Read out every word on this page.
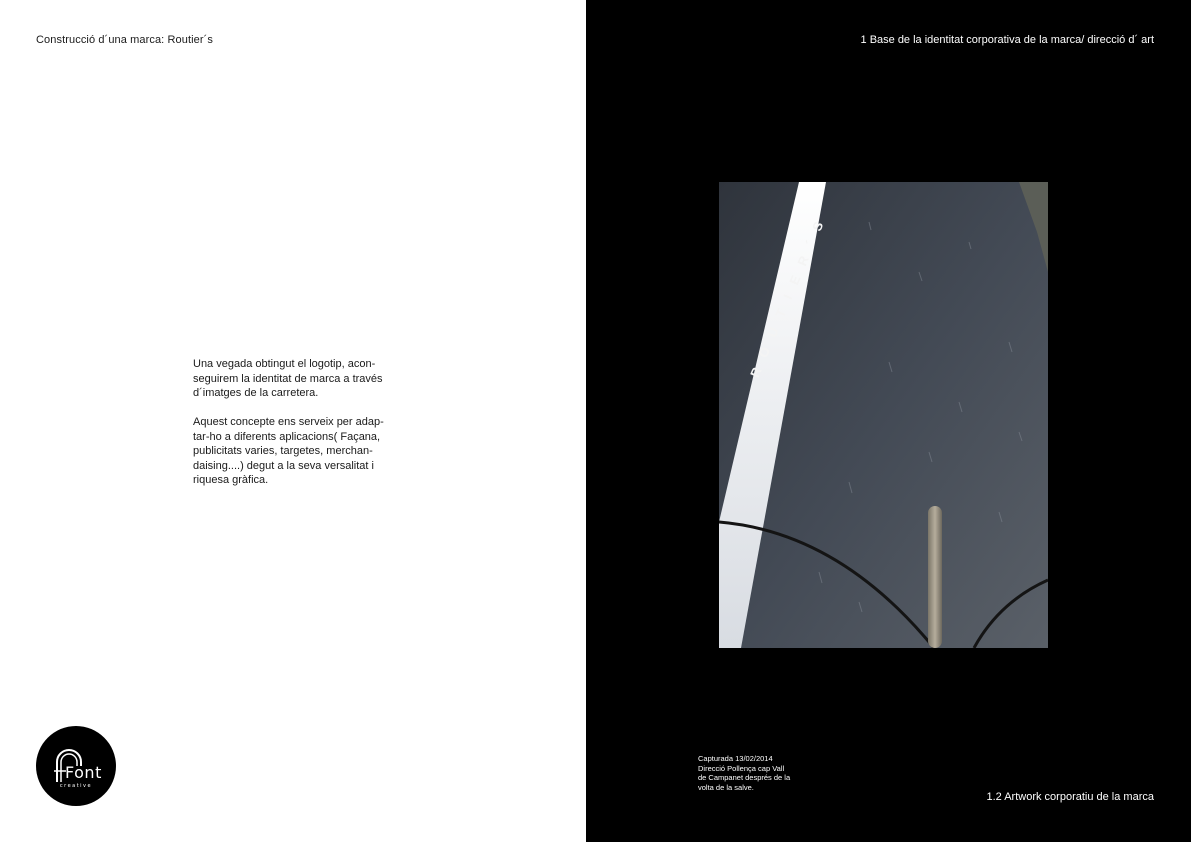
Construcció d´una marca: Routier´s

Una vegada obtingut el logotip, acon-
seguirem la identitat de marca a través
d´imatges de la carretera.

Aquest concepte ens serveix per adap-
tar-ho a diferents aplicacions( Façana,
publicitats varies, targetes, merchan-
daising....) degut a la seva versalitat i
riquesa gràfica.

Font
creative
1 Base de la identitat corporativa de la marca/ direcció d´ art
ROUTIER´S
Capturada 13/02/2014
Direcció Pollença cap Vall
de Campanet després de la
volta de la salve.
1.2 Artwork corporatiu de la marca
